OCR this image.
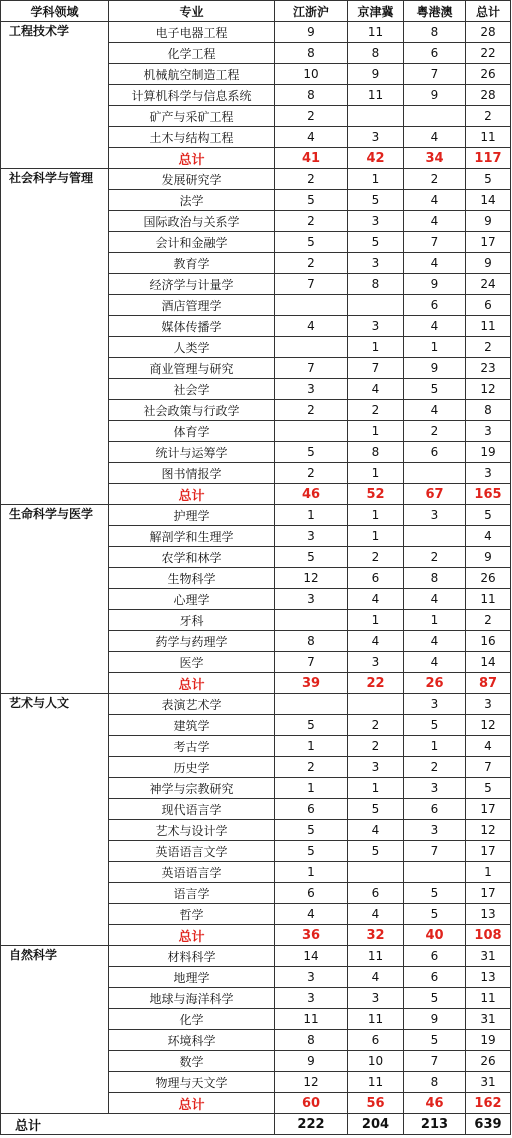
学科领域	专业	江浙沪	京津冀	粤港澳	总计
工程技术学	电子电器工程	9	11	8	28
	化学工程	8	8	6	22
	机械航空制造工程	10	9	7	26
	计算机科学与信息系统	8	11	9	28
	矿产与采矿工程	2			2
	土木与结构工程	4	3	4	11
	总计	41	42	34	117
社会科学与管理	发展研究学	2	1	2	5
	法学	5	5	4	14
	国际政治与关系学	2	3	4	9
	会计和金融学	5	5	7	17
	教育学	2	3	4	9
	经济学与计量学	7	8	9	24
	酒店管理学			6	6
	媒体传播学	4	3	4	11
	人类学		1	1	2
	商业管理与研究	7	7	9	23
	社会学	3	4	5	12
	社会政策与行政学	2	2	4	8
	体育学		1	2	3
	统计与运筹学	5	8	6	19
	图书情报学	2	1		3
	总计	46	52	67	165
生命科学与医学	护理学	1	1	3	5
	解剖学和生理学	3	1		4
	农学和林学	5	2	2	9
	生物科学	12	6	8	26
	心理学	3	4	4	11
	牙科		1	1	2
	药学与药理学	8	4	4	16
	医学	7	3	4	14
	总计	39	22	26	87
艺术与人文	表演艺术学			3	3
	建筑学	5	2	5	12
	考古学	1	2	1	4
	历史学	2	3	2	7
	神学与宗教研究	1	1	3	5
	现代语言学	6	5	6	17
	艺术与设计学	5	4	3	12
	英语语言文学	5	5	7	17
	英语语言学	1			1
	语言学	6	6	5	17
	哲学	4	4	5	13
	总计	36	32	40	108
自然科学	材料科学	14	11	6	31
	地理学	3	4	6	13
	地球与海洋科学	3	3	5	11
	化学	11	11	9	31
	环境科学	8	6	5	19
	数学	9	10	7	26
	物理与天文学	12	11	8	31
	总计	60	56	46	162
总计		222	204	213	639
